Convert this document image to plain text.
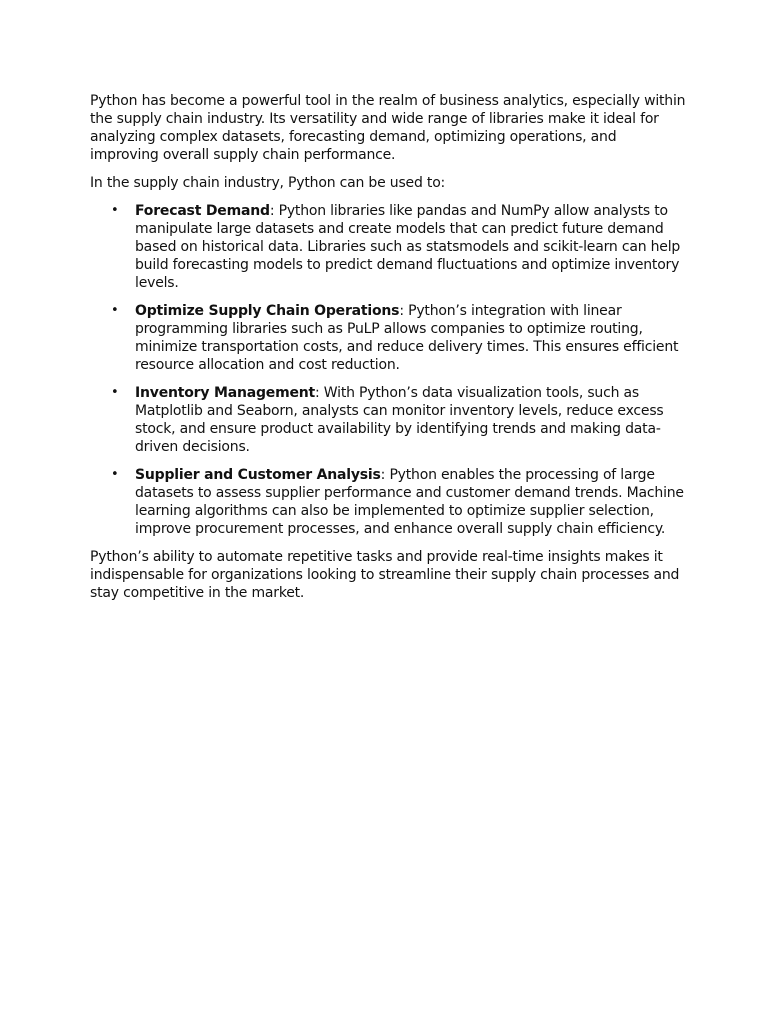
Python has become a powerful tool in the realm of business analytics, especially within the supply chain industry. Its versatility and wide range of libraries make it ideal for analyzing complex datasets, forecasting demand, optimizing operations, and improving overall supply chain performance.

In the supply chain industry, Python can be used to:

• Forecast Demand: Python libraries like pandas and NumPy allow analysts to manipulate large datasets and create models that can predict future demand based on historical data. Libraries such as statsmodels and scikit-learn can help build forecasting models to predict demand fluctuations and optimize inventory levels.
• Optimize Supply Chain Operations: Python’s integration with linear programming libraries such as PuLP allows companies to optimize routing, minimize transportation costs, and reduce delivery times. This ensures efficient resource allocation and cost reduction.
• Inventory Management: With Python’s data visualization tools, such as Matplotlib and Seaborn, analysts can monitor inventory levels, reduce excess stock, and ensure product availability by identifying trends and making data-driven decisions.
• Supplier and Customer Analysis: Python enables the processing of large datasets to assess supplier performance and customer demand trends. Machine learning algorithms can also be implemented to optimize supplier selection, improve procurement processes, and enhance overall supply chain efficiency.

Python’s ability to automate repetitive tasks and provide real-time insights makes it indispensable for organizations looking to streamline their supply chain processes and stay competitive in the market.
